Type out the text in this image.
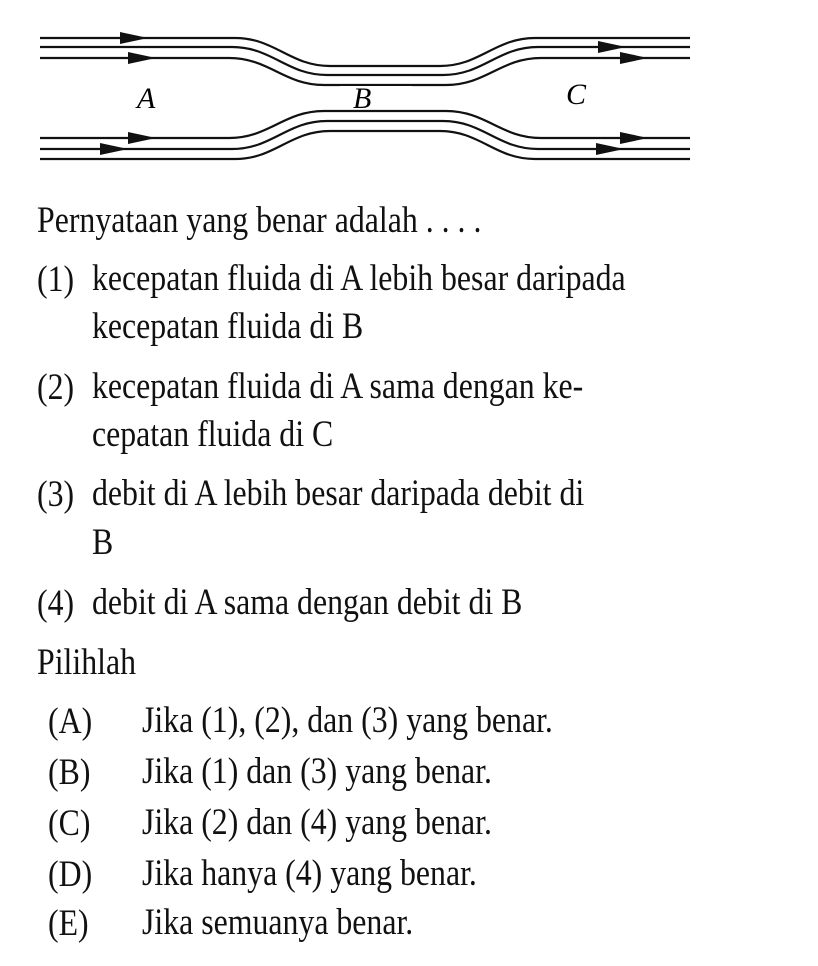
A	B	C
Pernyataan yang benar adalah . . . .
(1) kecepatan fluida di A lebih besar daripada
kecepatan fluida di B
(2) kecepatan fluida di A sama dengan ke-
cepatan fluida di C
(3) debit di A lebih besar daripada debit di
B
(4) debit di A sama dengan debit di B
Pilihlah
(A) Jika (1), (2), dan (3) yang benar.
(B) Jika (1) dan (3) yang benar.
(C) Jika (2) dan (4) yang benar.
(D) Jika hanya (4) yang benar.
(E) Jika semuanya benar.
